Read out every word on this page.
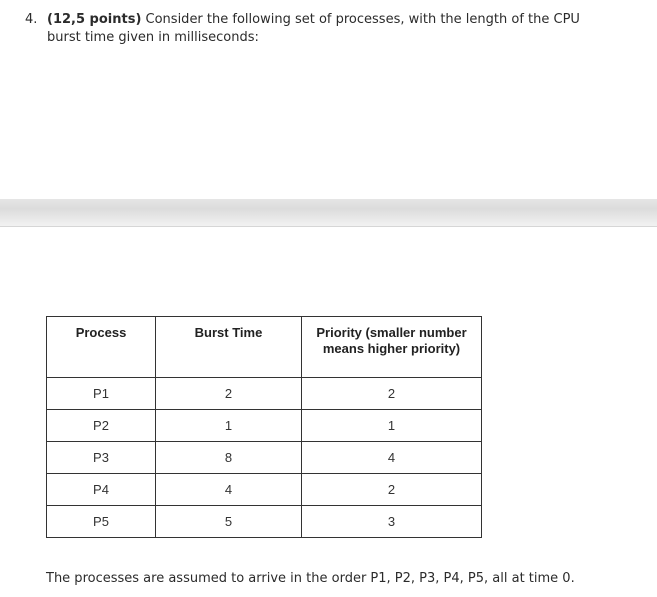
4. (12,5 points) Consider the following set of processes, with the length of the CPU burst time given in milliseconds:
Process	Burst Time	Priority (smaller number means higher priority)

P1	2	2
P2	1	1
P3	8	4
P4	4	2
P5	5	3
The processes are assumed to arrive in the order P1, P2, P3, P4, P5, all at time 0.
